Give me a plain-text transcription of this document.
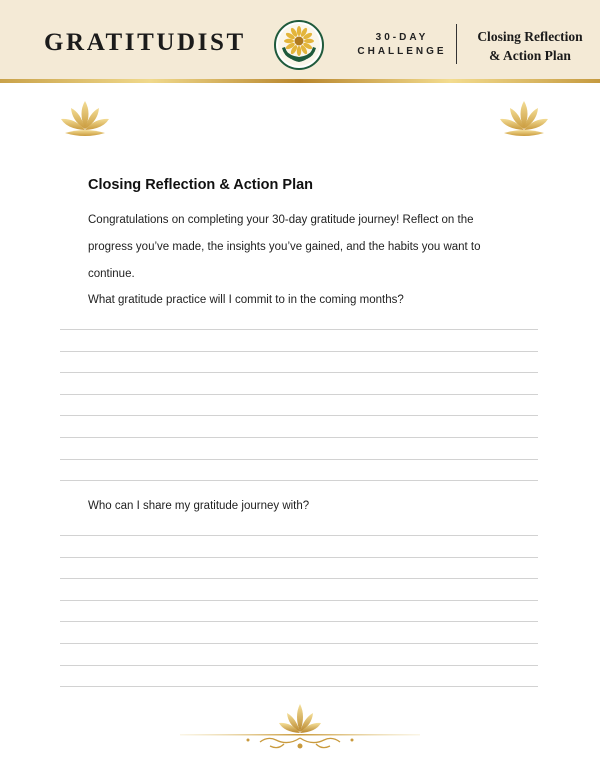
GRATITUDIST	30-DAY
CHALLENGE
Closing Reflection
& Action Plan
Closing Reflection & Action Plan
Congratulations on completing your 30-day gratitude journey! Reflect on the
progress you’ve made, the insights you’ve gained, and the habits you want to
continue.
What gratitude practice will I commit to in the coming months?
Who can I share my gratitude journey with?
